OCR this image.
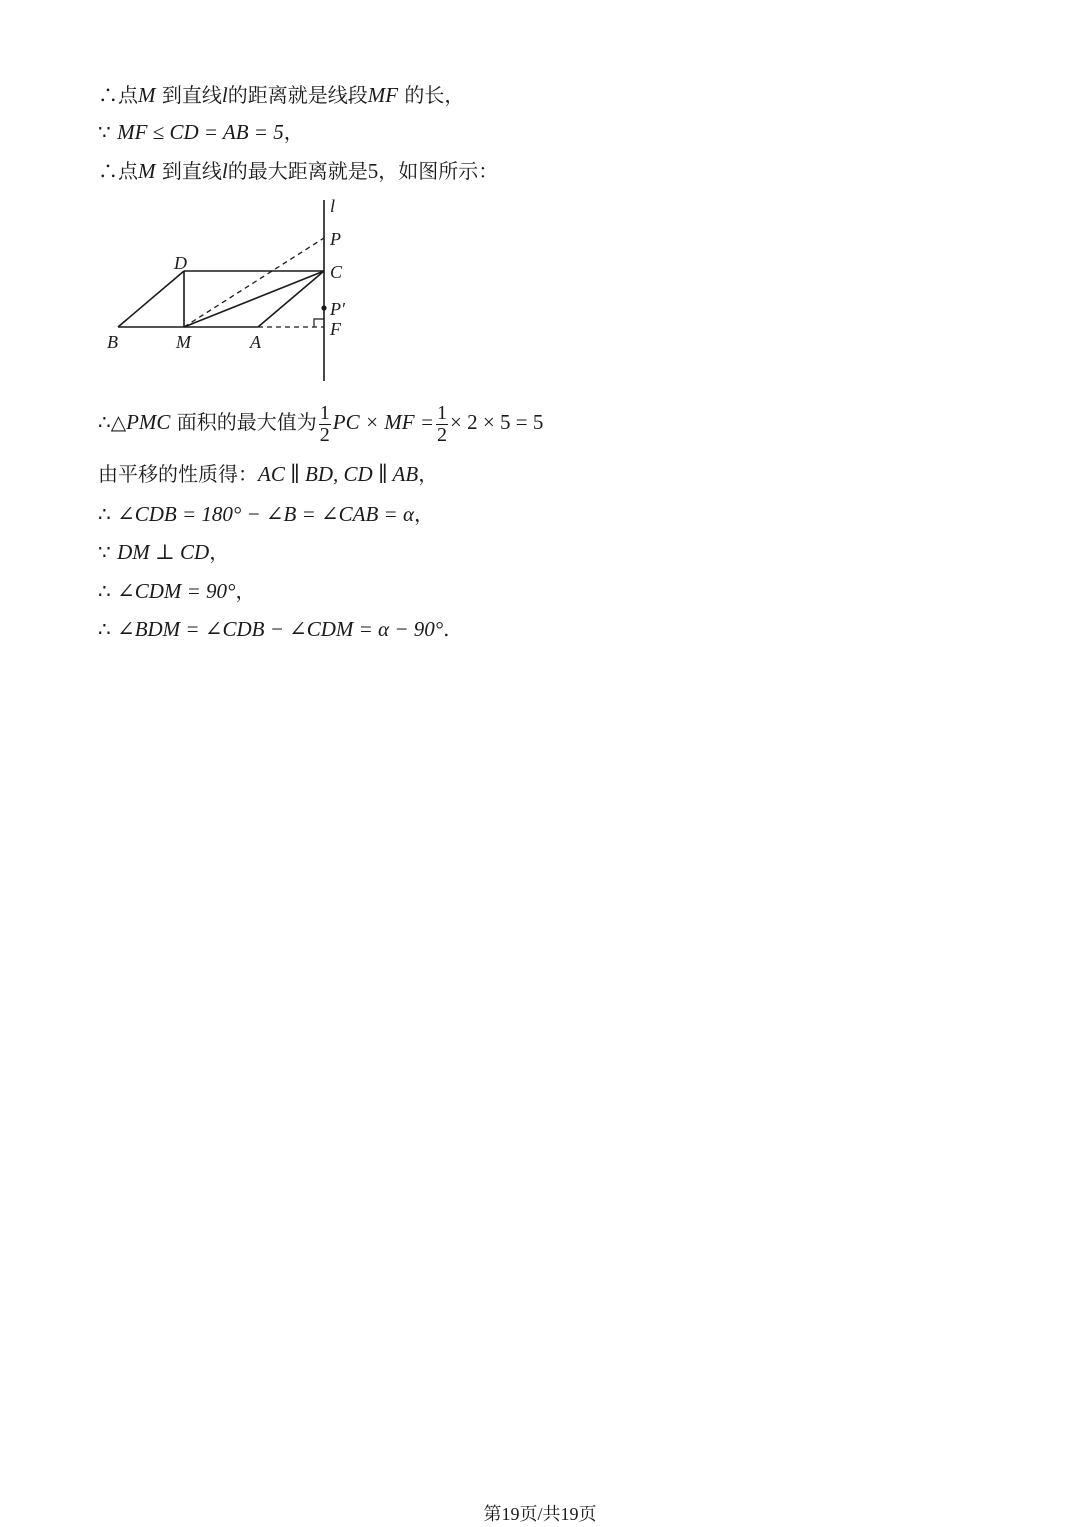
∴点M 到直线l的距离就是线段MF 的长，
∵ MF ≤ CD = AB = 5，
∴点M 到直线l的最大距离就是5，如图所示：
l
P
C
P′
F
D
B	M	A
∴△PMC 面积的最大值为 $\frac{1}{2}$ PC × MF = $\frac{1}{2} \times 2 \times 5 = 5$
由平移的性质得：AC ∥ BD, CD ∥ AB，
∴ ∠CDB = 180° − ∠B = ∠CAB = α，
∵ DM ⊥ CD，
∴ ∠CDM = 90°，
∴ ∠BDM = ∠CDB − ∠CDM = α − 90°.
第19页/共19页
